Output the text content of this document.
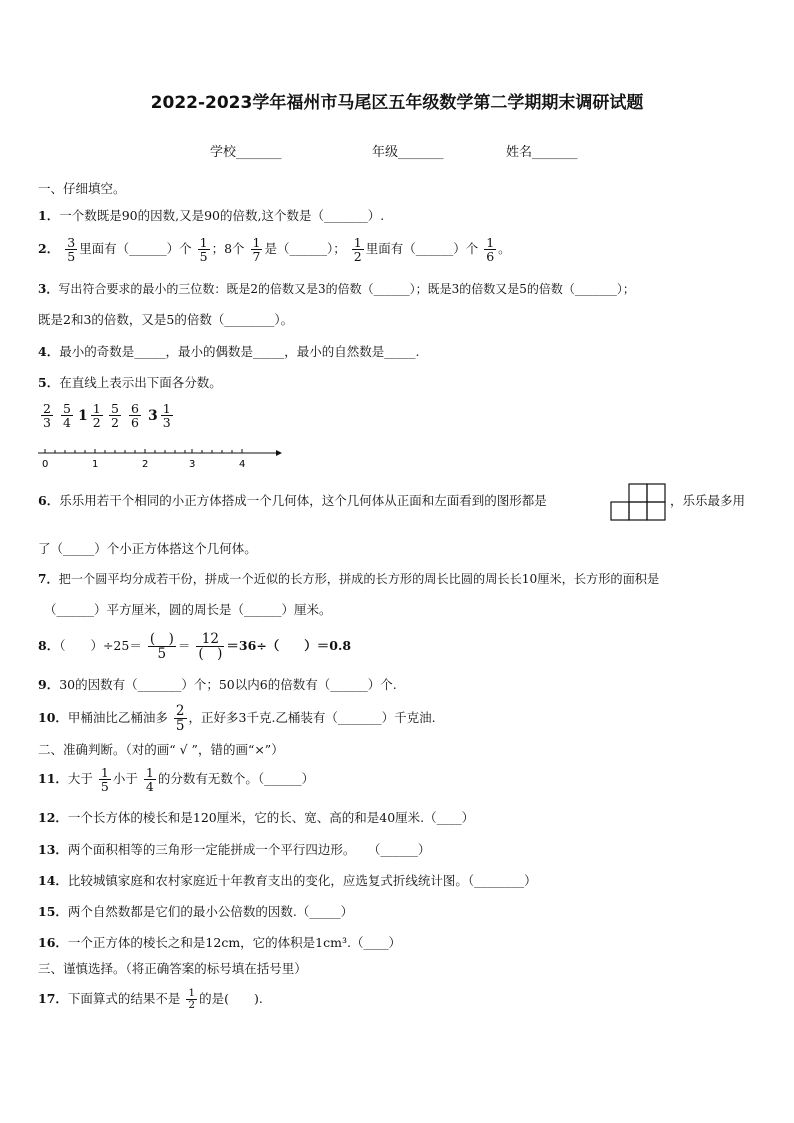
2022-2023学年福州市马尾区五年级数学第二学期期末调研试题
学校_______	年级_______	姓名_______
一、仔细填空。
1．一个数既是90的因数,又是90的倍数,这个数是（_______）.
2． $\frac{3}{5}$ 里面有（______）个 $\frac{1}{5}$ ；8个 $\frac{1}{7}$ 是（______）； $\frac{1}{2}$ 里面有（______）个 $\frac{1}{6}$ 。
3．写出符合要求的最小的三位数：既是2的倍数又是3的倍数（______）；既是3的倍数又是5的倍数（_______）；
既是2和3的倍数，又是5的倍数（________）。
4．最小的奇数是_____，最小的偶数是_____，最小的自然数是_____.
5．在直线上表示出下面各分数。
$\frac{2}{3} \frac{5}{4} 1 \frac{1}{2} \frac{5}{2} \frac{6}{6} 3 \frac{1}{3}$
0	1	2	3	4
6．乐乐用若干个相同的小正方体搭成一个几何体，这个几何体从正面和左面看到的图形都是	，乐乐最多用
了（_____）个小正方体搭这个几何体。
7．把一个圆平均分成若干份，拼成一个近似的长方形，拼成的长方形的周长比圆的周长长10厘米，长方形的面积是
（______）平方厘米，圆的周长是（______）厘米。
8．（　　）$\div 25= \frac{( )}{5} = \frac{12}{( )} =36\div$（　　）＝0.8
9．30的因数有（_______）个；50以内6的倍数有（______）个.
10．甲桶油比乙桶油多 $\frac{2}{5}$ ，正好多3千克.乙桶装有（_______）千克油.
二、准确判断。（对的画“ √ ”，错的画“×”）
11．大于 $\frac{1}{5}$ 小于 $\frac{1}{4}$ 的分数有无数个。（______）
12．一个长方体的棱长和是120厘米，它的长、宽、高的和是40厘米.（____）
13．两个面积相等的三角形一定能拼成一个平行四边形。　　（______）
14．比较城镇家庭和农村家庭近十年教育支出的变化，应选复式折线统计图。（________）
15．两个自然数都是它们的最小公倍数的因数.（_____）
16．一个正方体的棱长之和是12cm，它的体积是1cm³.（____）
三、谨慎选择。（将正确答案的标号填在括号里）
17．下面算式的结果不是 $\frac{1}{2}$ 的是(　　).
